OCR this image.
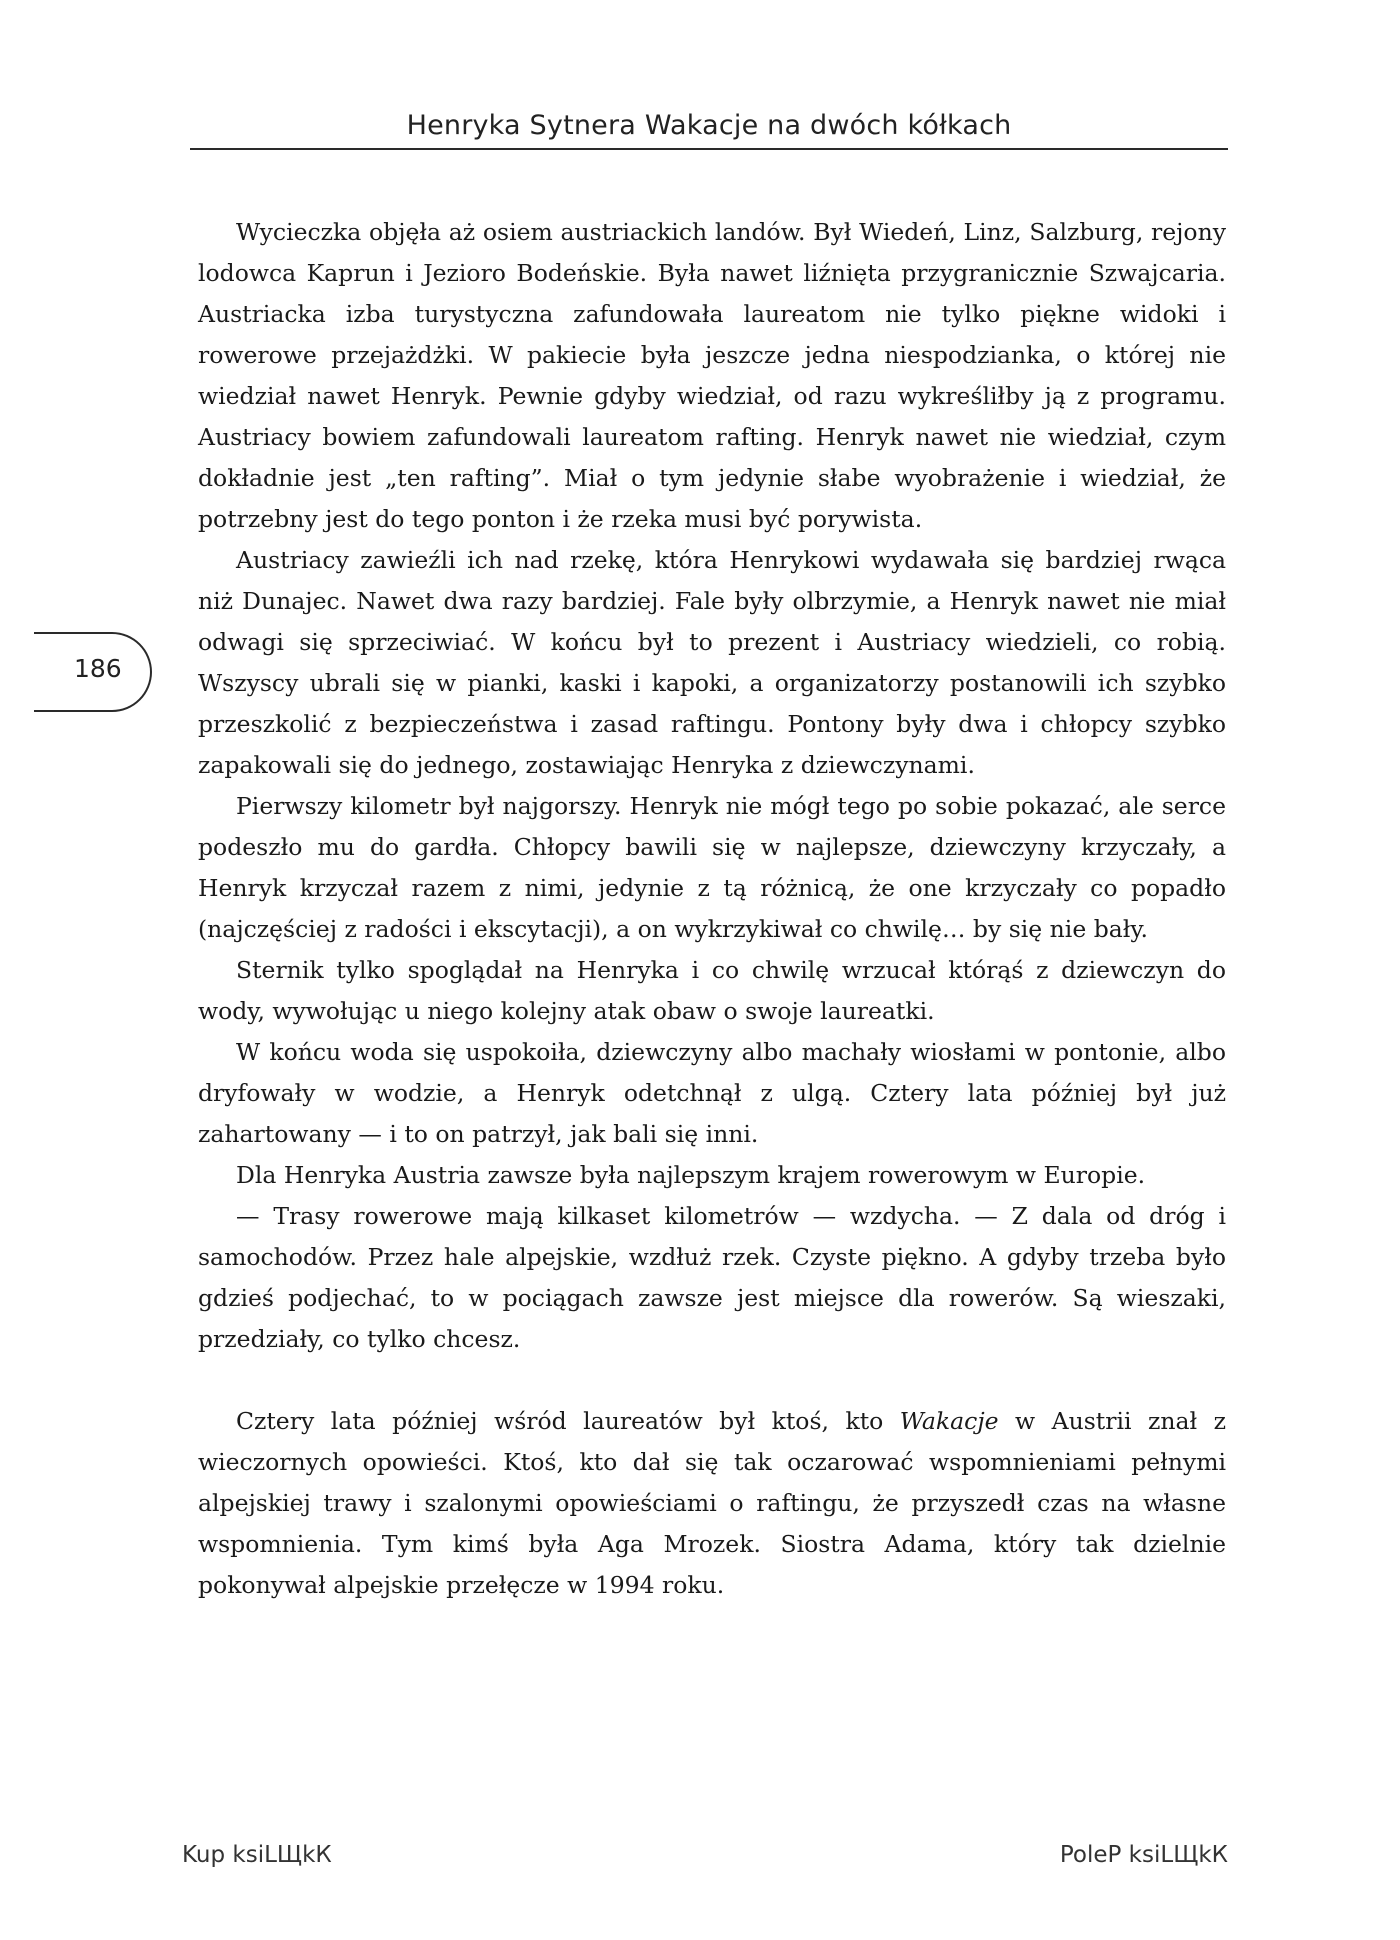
Henryka Sytnera Wakacje na dwóch kółkach
186

Wycieczka objęła aż osiem austriackich landów. Był Wiedeń, Linz, Salzburg, rejony lodowca Kaprun i Jezioro Bodeńskie. Była nawet liźnięta przygranicznie Szwajcaria. Austriacka izba turystyczna zafundowała laureatom nie tylko piękne widoki i rowerowe przejażdżki. W pakiecie była jeszcze jedna niespodzianka, o której nie wiedział nawet Henryk. Pewnie gdyby wiedział, od razu wykreśliłby ją z programu. Austriacy bowiem zafundowali laureatom rafting. Henryk nawet nie wiedział, czym dokładnie jest „ten rafting”. Miał o tym jedynie słabe wyobrażenie i wiedział, że potrzebny jest do tego ponton i że rzeka musi być porywista.

Austriacy zawieźli ich nad rzekę, która Henrykowi wydawała się bardziej rwąca niż Dunajec. Nawet dwa razy bardziej. Fale były olbrzymie, a Henryk nawet nie miał odwagi się sprzeciwiać. W końcu był to prezent i Austriacy wiedzieli, co robią. Wszyscy ubrali się w pianki, kaski i kapoki, a organizatorzy postanowili ich szybko przeszkolić z bezpieczeństwa i zasad raftingu. Pontony były dwa i chłopcy szybko zapakowali się do jednego, zostawiając Henryka z dziewczynami.

Pierwszy kilometr był najgorszy. Henryk nie mógł tego po sobie pokazać, ale serce podeszło mu do gardła. Chłopcy bawili się w najlepsze, dziewczyny krzyczały, a Henryk krzyczał razem z nimi, jedynie z tą różnicą, że one krzyczały co popadło (najczęściej z radości i ekscytacji), a on wykrzykiwał co chwilę… by się nie bały.

Sternik tylko spoglądał na Henryka i co chwilę wrzucał którąś z dziewczyn do wody, wywołując u niego kolejny atak obaw o swoje laureatki.

W końcu woda się uspokoiła, dziewczyny albo machały wiosłami w pontonie, albo dryfowały w wodzie, a Henryk odetchnął z ulgą. Cztery lata później był już zahartowany — i to on patrzył, jak bali się inni.

Dla Henryka Austria zawsze była najlepszym krajem rowerowym w Europie.

— Trasy rowerowe mają kilkaset kilometrów — wzdycha. — Z dala od dróg i samochodów. Przez hale alpejskie, wzdłuż rzek. Czyste piękno. A gdyby trzeba było gdzieś podjechać, to w pociągach zawsze jest miejsce dla rowerów. Są wieszaki, przedziały, co tylko chcesz.

Cztery lata później wśród laureatów był ktoś, kto Wakacje w Austrii znał z wieczornych opowieści. Ktoś, kto dał się tak oczarować wspomnieniami pełnymi alpejskiej trawy i szalonymi opowieściami o raftingu, że przyszedł czas na własne wspomnienia. Tym kimś była Aga Mrozek. Siostra Adama, który tak dzielnie pokonywał alpejskie przełęcze w 1994 roku.

Kup ksiLЩkК	PoleP ksiLЩkК
